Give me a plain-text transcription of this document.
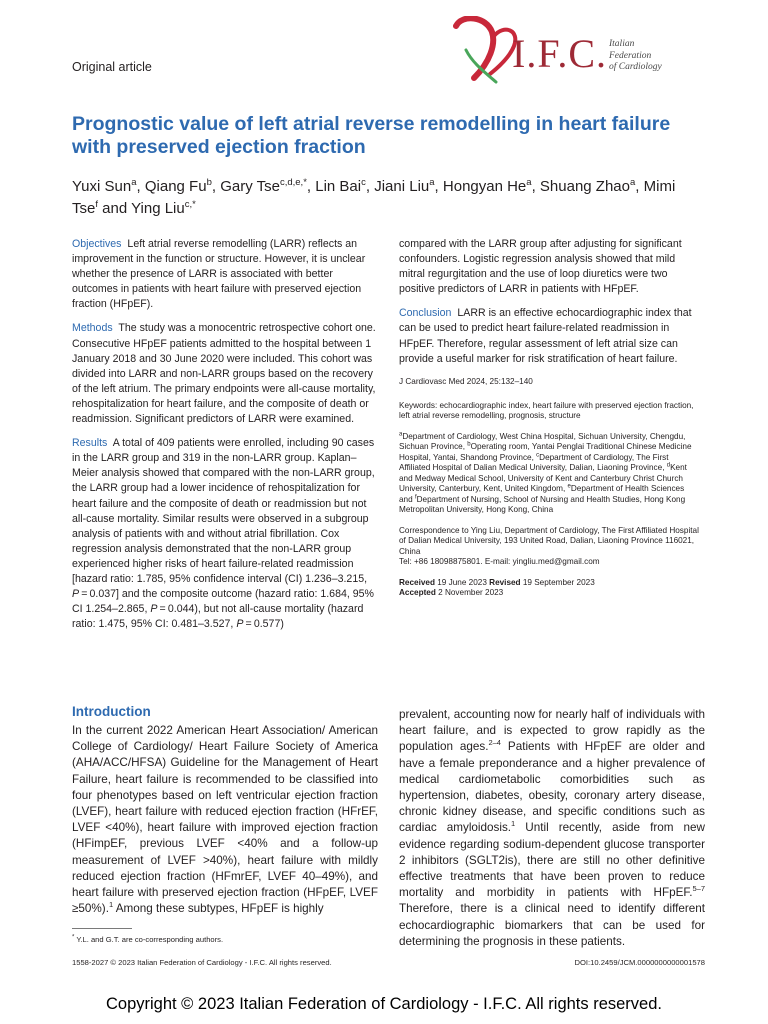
Original article	I.F.C. Italian
Federation
of Cardiology
Prognostic value of left atrial reverse remodelling in heart failure with preserved ejection fraction
Yuxi Sun$^a$, Qiang Fu$^b$, Gary Tse$^{c,d,e,*}$, Lin Bai$^c$, Jiani Liu$^a$, Hongyan He$^a$, Shuang Zhao$^a$, Mimi Tse$^f$ and Ying Liu$^{c,*}$

Objectives Left atrial reverse remodelling (LARR) reflects an improvement in the function or structure. However, it is unclear whether the presence of LARR is associated with better outcomes in patients with heart failure with preserved ejection fraction (HFpEF).

Methods The study was a monocentric retrospective cohort one. Consecutive HFpEF patients admitted to the hospital between 1 January 2018 and 30 June 2020 were included. This cohort was divided into LARR and non-LARR groups based on the recovery of the left atrium. The primary endpoints were all-cause mortality, rehospitalization for heart failure, and the composite of death or readmission. Significant predictors of LARR were examined.

Results A total of 409 patients were enrolled, including 90 cases in the LARR group and 319 in the non-LARR group. Kaplan–Meier analysis showed that compared with the non-LARR group, the LARR group had a lower incidence of rehospitalization for heart failure and the composite of death or readmission but not all-cause mortality. Similar results were observed in a subgroup analysis of patients with and without atrial fibrillation. Cox regression analysis demonstrated that the non-LARR group experienced higher risks of heart failure-related readmission [hazard ratio: 1.785, 95% confidence interval (CI) 1.236–3.215, P = 0.037] and the composite outcome (hazard ratio: 1.684, 95% CI 1.254–2.865, P = 0.044), but not all-cause mortality (hazard ratio: 1.475, 95% CI: 0.481–3.527, P = 0.577)

compared with the LARR group after adjusting for significant confounders. Logistic regression analysis showed that mild mitral regurgitation and the use of loop diuretics were two positive predictors of LARR in patients with HFpEF.

Conclusion LARR is an effective echocardiographic index that can be used to predict heart failure-related readmission in HFpEF. Therefore, regular assessment of left atrial size can provide a useful marker for risk stratification of heart failure.

J Cardiovasc Med 2024, 25:132–140
Keywords: echocardiographic index, heart failure with preserved ejection fraction, left atrial reverse remodelling, prognosis, structure
$^a$Department of Cardiology, West China Hospital, Sichuan University, Chengdu, Sichuan Province, $^b$Operating room, Yantai Penglai Traditional Chinese Medicine Hospital, Yantai, Shandong Province, $^c$Department of Cardiology, The First Affiliated Hospital of Dalian Medical University, Dalian, Liaoning Province, $^d$Kent and Medway Medical School, University of Kent and Canterbury Christ Church University, Canterbury, Kent, United Kingdom, $^e$Department of Health Sciences and $^f$Department of Nursing, School of Nursing and Health Studies, Hong Kong Metropolitan University, Hong Kong, China
Correspondence to Ying Liu, Department of Cardiology, The First Affiliated Hospital of Dalian Medical University, 193 United Road, Dalian, Liaoning Province 116021, China
Tel: +86 18098875801. E-mail: yingliu.med@gmail.com
Received 19 June 2023 Revised 19 September 2023
Accepted 2 November 2023
Introduction
In the current 2022 American Heart Association/ American College of Cardiology/ Heart Failure Society of America (AHA/ACC/HFSA) Guideline for the Management of Heart Failure, heart failure is recommended to be classified into four phenotypes based on left ventricular ejection fraction (LVEF), heart failure with reduced ejection fraction (HFrEF, LVEF <40%), heart failure with improved ejection fraction (HFimpEF, previous LVEF <40% and a follow-up measurement of LVEF >40%), heart failure with mildly reduced ejection fraction (HFmrEF, LVEF 40–49%), and heart failure with preserved ejection fraction (HFpEF, LVEF ≥50%).$^1$ Among these subtypes, HFpEF is highly
prevalent, accounting now for nearly half of individuals with heart failure, and is expected to grow rapidly as the population ages.$^{2-4}$ Patients with HFpEF are older and have a female preponderance and a higher prevalence of medical cardiometabolic comorbidities such as hypertension, diabetes, obesity, coronary artery disease, chronic kidney disease, and specific conditions such as cardiac amyloidosis.$^1$ Until recently, aside from new evidence regarding sodium-dependent glucose transporter 2 inhibitors (SGLT2is), there are still no other definitive effective treatments that have been proven to reduce mortality and morbidity in patients with HFpEF.$^{5-7}$ Therefore, there is a clinical need to identify different echocardiographic biomarkers that can be used for determining the prognosis in these patients.
* Y.L. and G.T. are co-corresponding authors.
1558-2027 © 2023 Italian Federation of Cardiology - I.F.C. All rights reserved.	DOI:10.2459/JCM.0000000000001578
Copyright © 2023 Italian Federation of Cardiology - I.F.C. All rights reserved.
